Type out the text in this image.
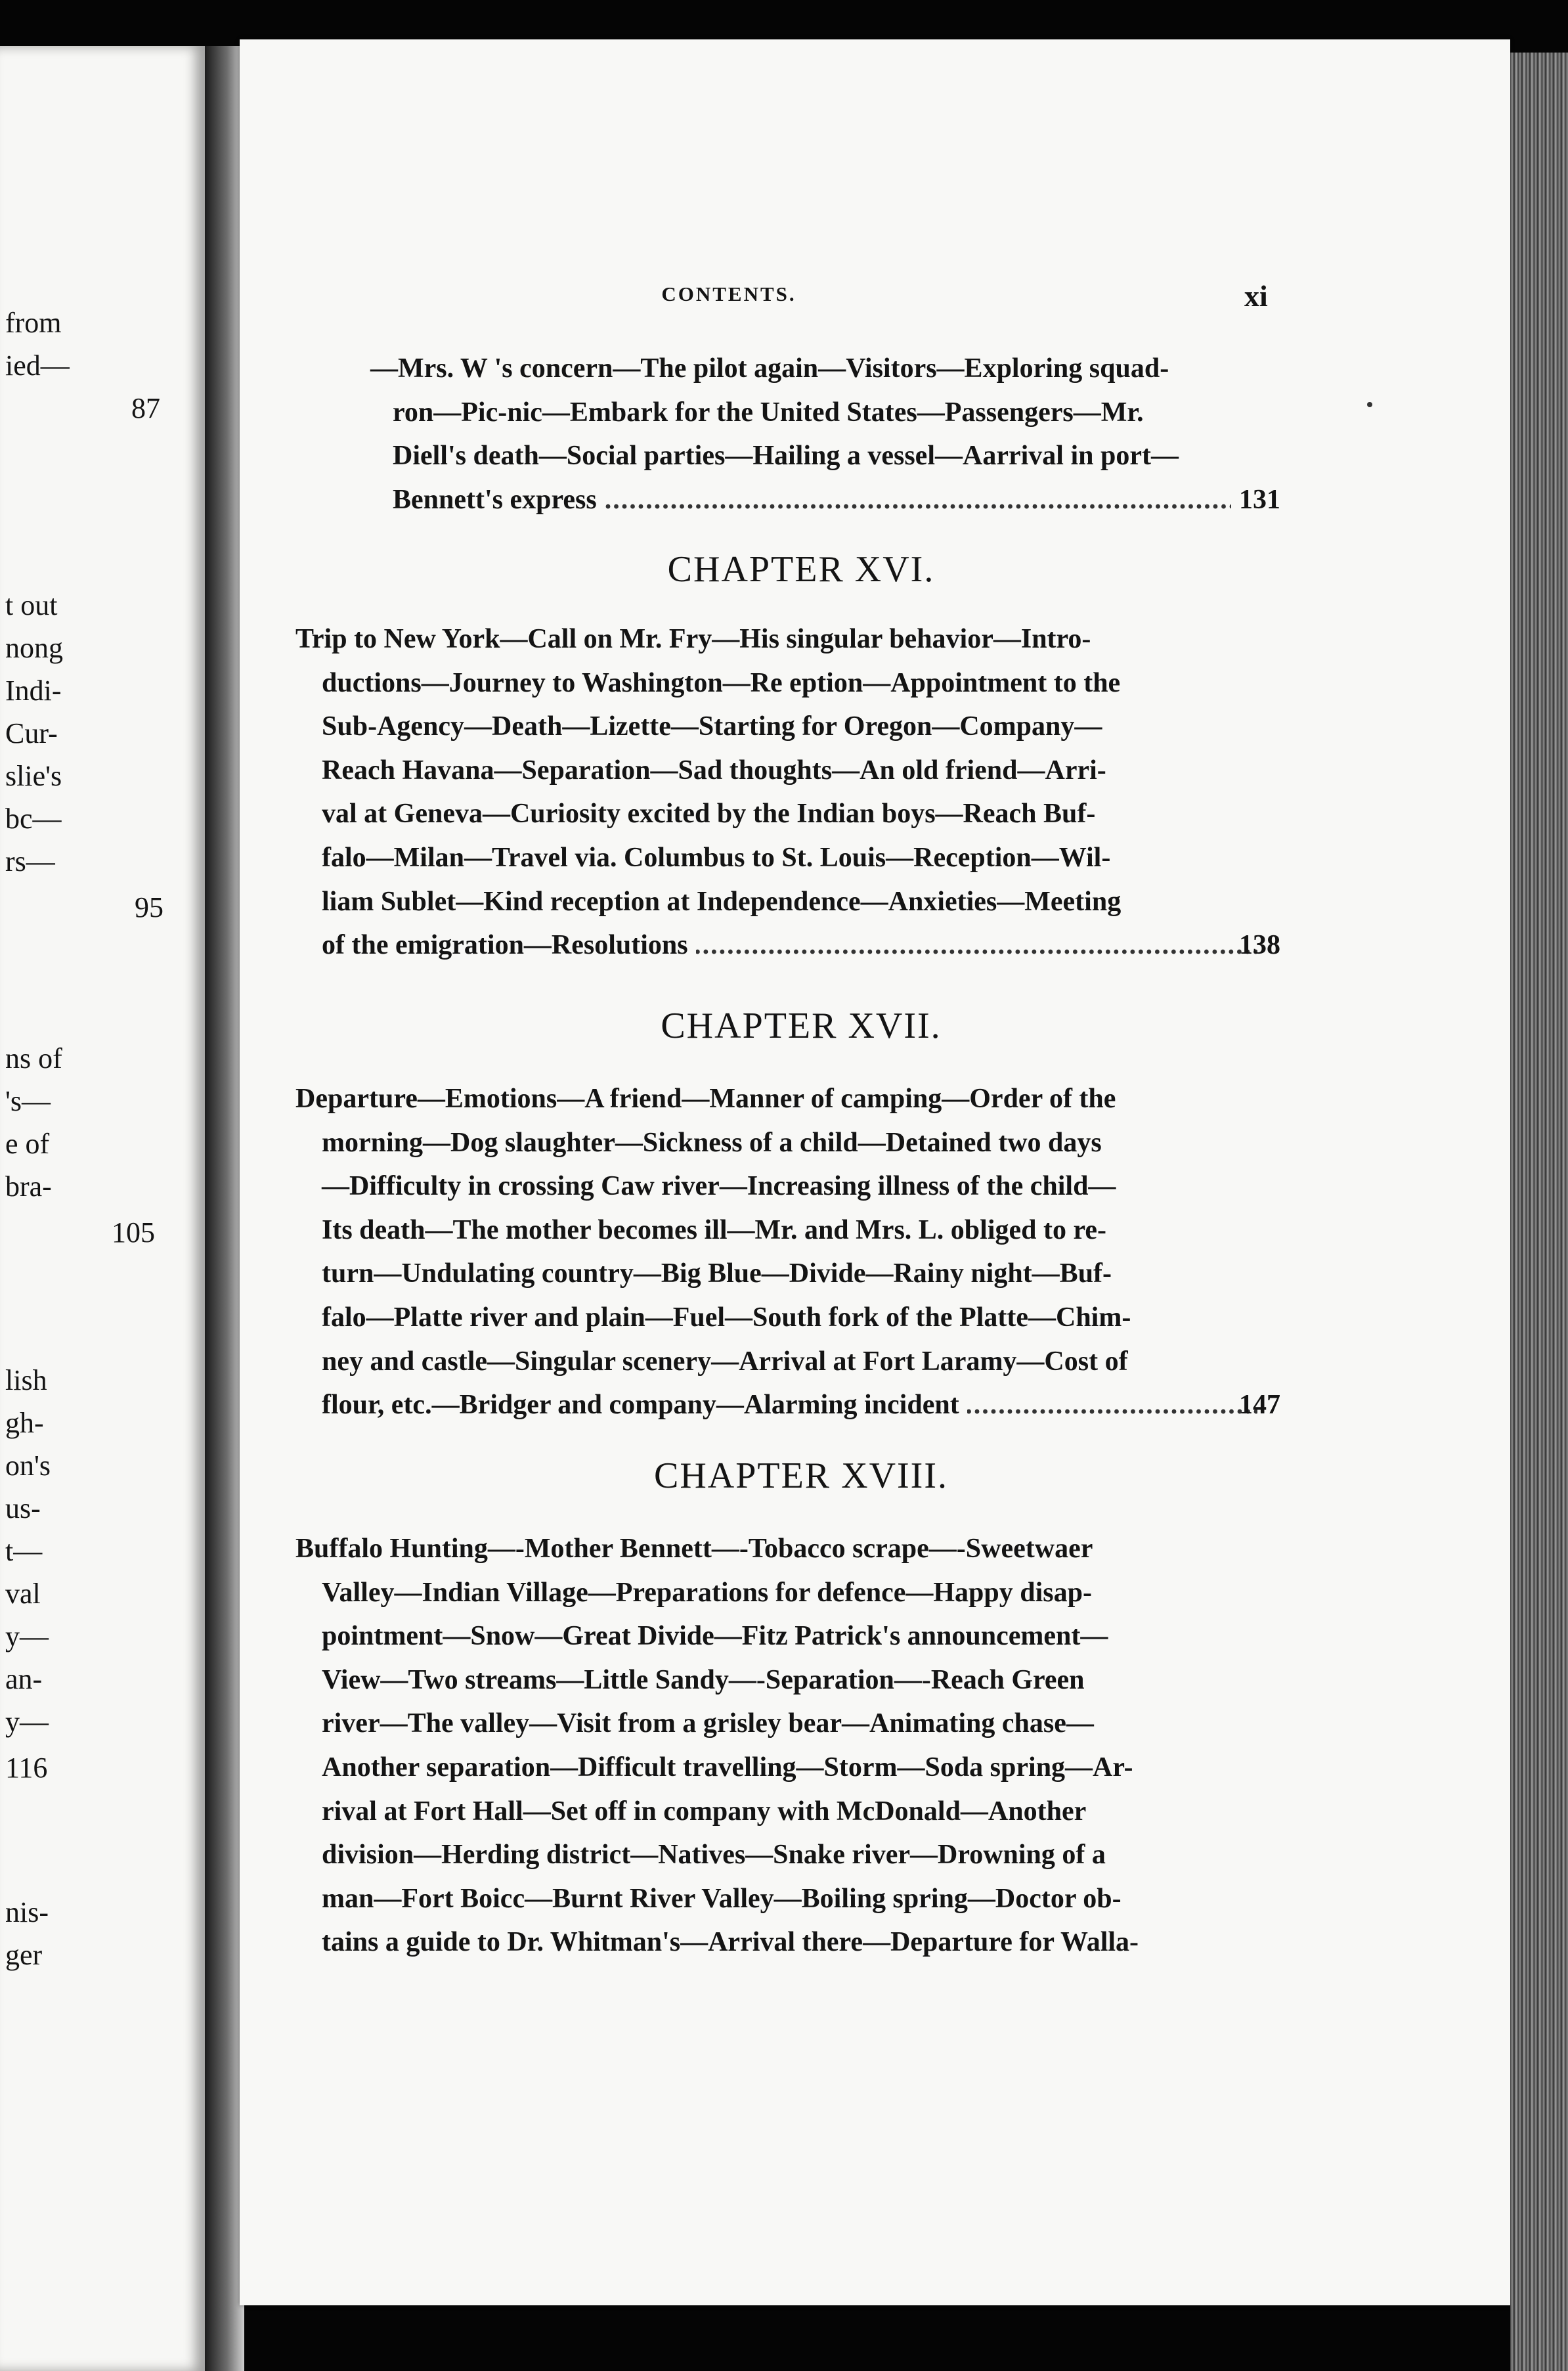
from
ied—
87
t out
nong
Indi-
Cur-
slie's
bc—
rs—
95
ns of
's—
e of
bra-
105
lish
gh-
on's
us-
t—
val
y—
an-
y—
116
nis-
ger
CONTENTS.	xi
—Mrs. W 's concern—The pilot again—Visitors—Exploring squad-
ron—Pic-nic—Embark for the United States—Passengers—Mr.
Diell's death—Social parties—Hailing a vessel—Aarrival in port—
Bennett's express .....	131
CHAPTER XVI.
Trip to New York—Call on Mr. Fry—His singular behavior—Intro-
ductions—Journey to Washington—Re eption—Appointment to the
Sub-Agency—Death—Lizette—Starting for Oregon—Company—
Reach Havana—Separation—Sad thoughts—An old friend—Arri-
val at Geneva—Curiosity excited by the Indian boys—Reach Buf-
falo—Milan—Travel via. Columbus to St. Louis—Reception—Wil-
liam Sublet—Kind reception at Independence—Anxieties—Meeting
of the emigration—Resolutions .....	138
CHAPTER XVII.
Departure—Emotions—A friend—Manner of camping—Order of the
morning—Dog slaughter—Sickness of a child—Detained two days
—Difficulty in crossing Caw river—Increasing illness of the child—
Its death—The mother becomes ill—Mr. and Mrs. L. obliged to re-
turn—Undulating country—Big Blue—Divide—Rainy night—Buf-
falo—Platte river and plain—Fuel—South fork of the Platte—Chim-
ney and castle—Singular scenery—Arrival at Fort Laramy—Cost of
flour, etc.—Bridger and company—Alarming incident .....	147
CHAPTER XVIII.
Buffalo Hunting—-Mother Bennett—-Tobacco scrape—-Sweetwaer
Valley—Indian Village—Preparations for defence—Happy disap-
pointment—Snow—Great Divide—Fitz Patrick's announcement—
View—Two streams—Little Sandy—-Separation—-Reach Green
river—The valley—Visit from a grisley bear—Animating chase—
Another separation—Difficult travelling—Storm—Soda spring—Ar-
rival at Fort Hall—Set off in company with McDonald—Another
division—Herding district—Natives—Snake river—Drowning of a
man—Fort Boicc—Burnt River Valley—Boiling spring—Doctor ob-
tains a guide to Dr. Whitman's—Arrival there—Departure for Walla-
